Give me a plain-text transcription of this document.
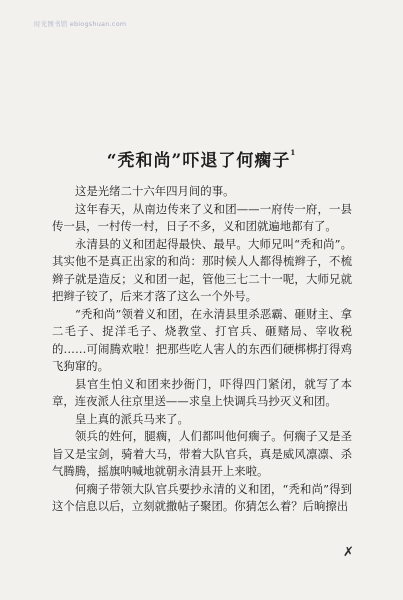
时光图书馆 ebiogshuan.com
“秃和尚”吓退了何瘸子$^1$

这是光绪二十六年四月间的事。

这年春天，从南边传来了义和团——一府传一府，一县传一县，一村传一村，日子不多，义和团就遍地都有了。

永清县的义和团起得最快、最早。大师兄叫“秃和尚”。其实他不是真正出家的和尚：那时候人人都得梳辫子，不梳辫子就是造反；义和团一起，管他三七二十一呢，大师兄就把辫子铰了，后来才落了这么一个外号。

“秃和尚”领着义和团，在永清县里杀恶霸、砸财主、拿二毛子、捉洋毛子、烧教堂、打官兵、砸赌局、宰收税的……可闹腾欢啦！把那些吃人害人的东西们硬梆梆打得鸡飞狗窜的。

县官生怕义和团来抄衙门，吓得四门紧闭，就写了本章，连夜派人往京里送——求皇上快调兵马抄灭义和团。

皇上真的派兵马来了。

领兵的姓何，腿瘸，人们都叫他何瘸子。何瘸子又是圣旨又是宝剑，骑着大马，带着大队官兵，真是威风凛凛、杀气腾腾，摇旗呐喊地就朝永清县开上来啦。

何瘸子带领大队官兵要抄永清的义和团，“秃和尚”得到这个信息以后，立刻就撒帖子聚团。你猜怎么着？后晌擦出

✗
